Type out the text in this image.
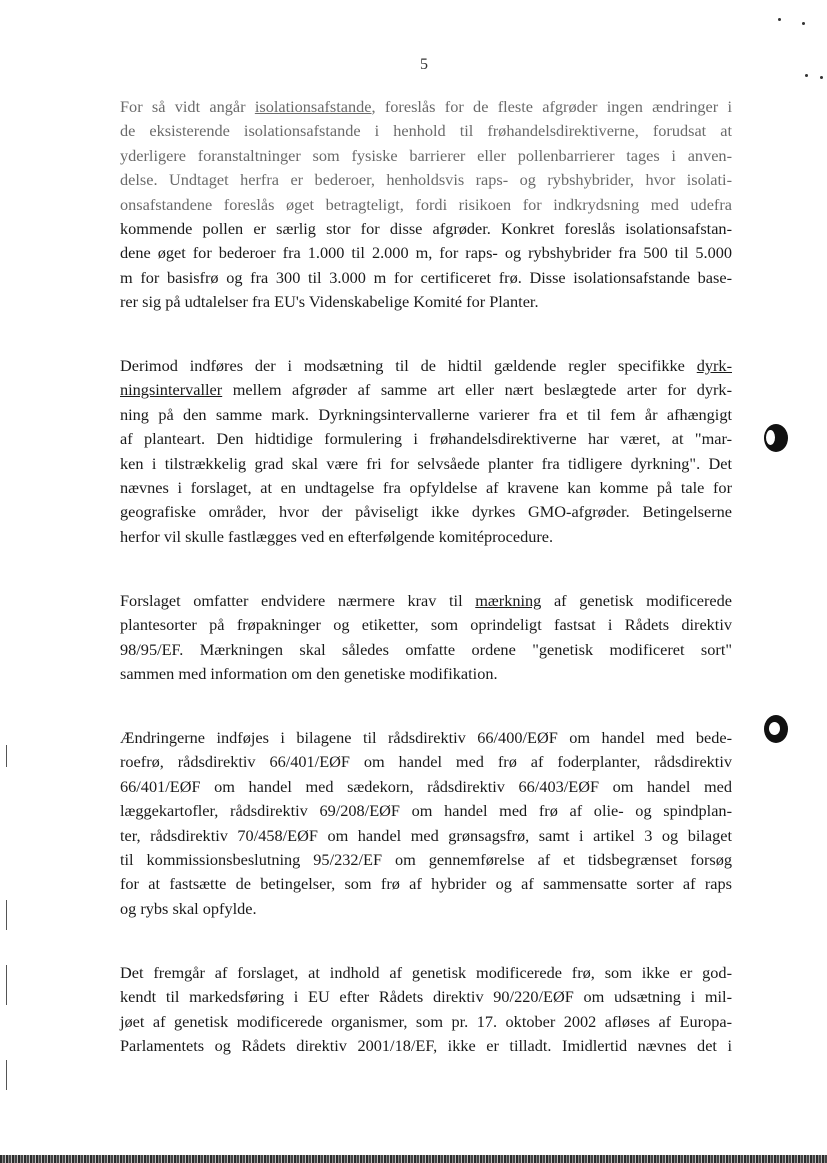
5
For så vidt angår isolationsafstande, foreslås for de fleste afgrøder ingen ændringer i
de eksisterende isolationsafstande i henhold til frøhandelsdirektiverne, forudsat at
yderligere foranstaltninger som fysiske barrierer eller pollenbarrierer tages i anven-
delse. Undtaget herfra er bederoer, henholdsvis raps- og rybshybrider, hvor isolati-
onsafstandene foreslås øget betragteligt, fordi risikoen for indkrydsning med udefra
kommende pollen er særlig stor for disse afgrøder. Konkret foreslås isolationsafstan-
dene øget for bederoer fra 1.000 til 2.000 m, for raps- og rybshybrider fra 500 til 5.000
m for basisfrø og fra 300 til 3.000 m for certificeret frø. Disse isolationsafstande base-
rer sig på udtalelser fra EU's Videnskabelige Komité for Planter.
Derimod indføres der i modsætning til de hidtil gældende regler specifikke dyrk-
ningsintervaller mellem afgrøder af samme art eller nært beslægtede arter for dyrk-
ning på den samme mark. Dyrkningsintervallerne varierer fra et til fem år afhængigt
af planteart. Den hidtidige formulering i frøhandelsdirektiverne har været, at "mar-
ken i tilstrækkelig grad skal være fri for selvsåede planter fra tidligere dyrkning". Det
nævnes i forslaget, at en undtagelse fra opfyldelse af kravene kan komme på tale for
geografiske områder, hvor der påviseligt ikke dyrkes GMO-afgrøder. Betingelserne
herfor vil skulle fastlægges ved en efterfølgende komitéprocedure.
Forslaget omfatter endvidere nærmere krav til mærkning af genetisk modificerede
plantesorter på frøpakninger og etiketter, som oprindeligt fastsat i Rådets direktiv
98/95/EF. Mærkningen skal således omfatte ordene "genetisk modificeret sort"
sammen med information om den genetiske modifikation.
Ændringerne indføjes i bilagene til rådsdirektiv 66/400/EØF om handel med bede-
roefrø, rådsdirektiv 66/401/EØF om handel med frø af foderplanter, rådsdirektiv
66/401/EØF om handel med sædekorn, rådsdirektiv 66/403/EØF om handel med
læggekartofler, rådsdirektiv 69/208/EØF om handel med frø af olie- og spindplan-
ter, rådsdirektiv 70/458/EØF om handel med grønsagsfrø, samt i artikel 3 og bilaget
til kommissionsbeslutning 95/232/EF om gennemførelse af et tidsbegrænset forsøg
for at fastsætte de betingelser, som frø af hybrider og af sammensatte sorter af raps
og rybs skal opfylde.
Det fremgår af forslaget, at indhold af genetisk modificerede frø, som ikke er god-
kendt til markedsføring i EU efter Rådets direktiv 90/220/EØF om udsætning i mil-
jøet af genetisk modificerede organismer, som pr. 17. oktober 2002 afløses af Europa-
Parlamentets og Rådets direktiv 2001/18/EF, ikke er tilladt. Imidlertid nævnes det i
